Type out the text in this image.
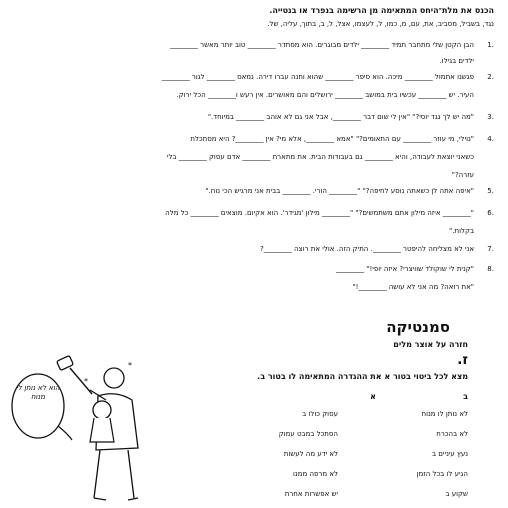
הכנס את מלת־היחס המתאימה מן הרשימה בנפרד או בנטייה.
נגד, בשביל, מסביב, את, עם, מ, כמו, ל, לעצמו, אצל, ל, ב, בתוך, עליה, של.
.1
הבן הקטן שלי מתחבר תמיד ________ ילדים מבוגרים. הוא מסתדר ________ טוב יותר מאשר ________
ילדים בגילו.
.2
פגשנו אתמול ________ מיכה. הוא סיפר ________ שהוא וחנה עברו דירה. נמאס ________ לגור ________
העיר. יש ________ עכשיו בית במושב ________ ירושלים והם מאושרים. אין רעש ו________ הכל ירוק.
.3
"מה יש לך נגד יוסי?" "אין לי שום דבר ________, אבל אני גם לא אוהב ________ במיוחד."
.4
"נוילי, מי עוזר ________ עם התאומים?" "אמא ________, אלא מי? אין ________? היא מסתכלת
כשאני יוצאת לעבודה, והיא ________ גם בעבודות הבית. את מתארת ________ אדם עסוק ________ בלי
עזרה?"
.5
"איפה אתה לן כשאתה נוסע לחיפה?" "________ הורי. ________ בבית אני מרגיש הכי נוח."
.6
"________ איזה מילון אתם משתמשים?" "________ מילון 'מגידר'. הוא אקיום. מוצאים ________ כל מלה
בקלות."
.7
אני לא מצליחה להיפטר ________. התיק הזה. אולי את רוצה ________?
.8
"קנית לי שוקולד שוויצרי? איזה יופי!" ________
"את רואה? מה אני לא עושה ________!"
סמנטיקה
חזרה על אוצר מלים
ז.
מצא לכל ביטוי בטור א את ההגדרה המתאימה לו בטור ב.
א	ב
לא נותן לו מנוח
לא בהכרח
נעץ עיניים ב
הגיע לו בכל הזמן
שקוע ב
עסוק כולו ב
הסתכל במבט עמוק
לא ידע מה לעשות
לא מרפה ממנו
יש אפשרות אחרת
*
*
הוא לא נותן לי מנוח
